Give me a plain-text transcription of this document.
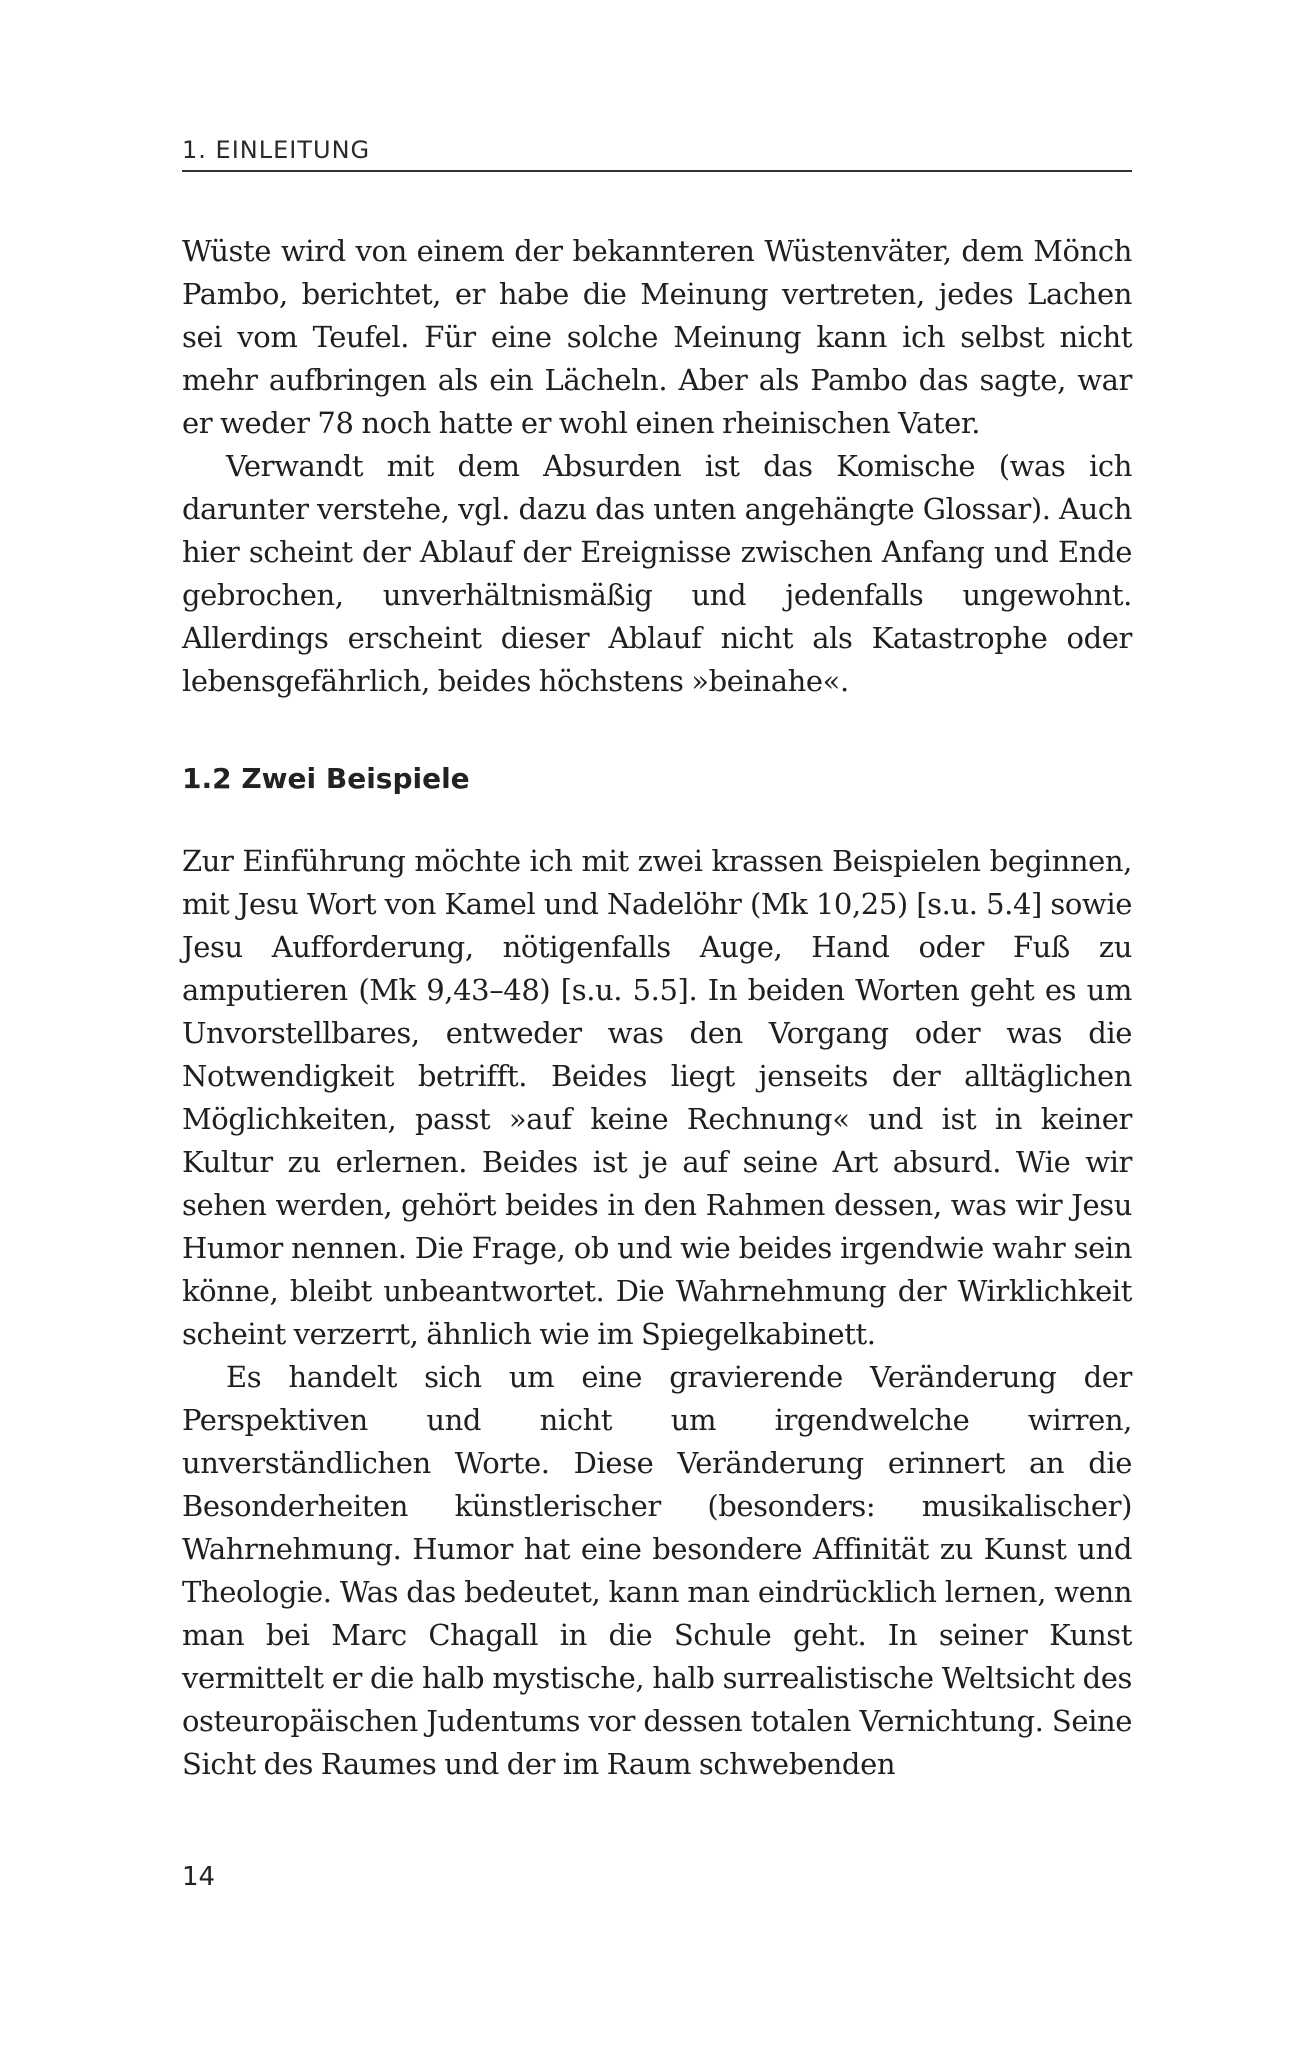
1. EINLEITUNG

Wüste wird von einem der bekannteren Wüstenväter, dem Mönch Pambo, berichtet, er habe die Meinung vertreten, jedes Lachen sei vom Teufel. Für eine solche Meinung kann ich selbst nicht mehr aufbringen als ein Lächeln. Aber als Pambo das sagte, war er weder 78 noch hatte er wohl einen rheinischen Vater.

Verwandt mit dem Absurden ist das Komische (was ich darunter verstehe, vgl. dazu das unten angehängte Glossar). Auch hier scheint der Ablauf der Ereignisse zwischen Anfang und Ende gebrochen, unverhältnismäßig und jedenfalls ungewohnt. Allerdings erscheint dieser Ablauf nicht als Katastrophe oder lebensgefährlich, beides höchstens »beinahe«.

1.2 Zwei Beispiele

Zur Einführung möchte ich mit zwei krassen Beispielen beginnen, mit Jesu Wort von Kamel und Nadelöhr (Mk 10,25) [s.u. 5.4] sowie Jesu Aufforderung, nötigenfalls Auge, Hand oder Fuß zu amputieren (Mk 9,43–48) [s.u. 5.5]. In beiden Worten geht es um Unvorstellbares, entweder was den Vorgang oder was die Notwendigkeit betrifft. Beides liegt jenseits der alltäglichen Möglichkeiten, passt »auf keine Rechnung« und ist in keiner Kultur zu erlernen. Beides ist je auf seine Art absurd. Wie wir sehen werden, gehört beides in den Rahmen dessen, was wir Jesu Humor nennen. Die Frage, ob und wie beides irgendwie wahr sein könne, bleibt unbeantwortet. Die Wahrnehmung der Wirklichkeit scheint verzerrt, ähnlich wie im Spiegelkabinett.

Es handelt sich um eine gravierende Veränderung der Perspektiven und nicht um irgendwelche wirren, unverständlichen Worte. Diese Veränderung erinnert an die Besonderheiten künstlerischer (besonders: musikalischer) Wahrnehmung. Humor hat eine besondere Affinität zu Kunst und Theologie. Was das bedeutet, kann man eindrücklich lernen, wenn man bei Marc Chagall in die Schule geht. In seiner Kunst vermittelt er die halb mystische, halb surrealistische Weltsicht des osteuropäischen Judentums vor dessen totalen Vernichtung. Seine Sicht des Raumes und der im Raum schwebenden

14
